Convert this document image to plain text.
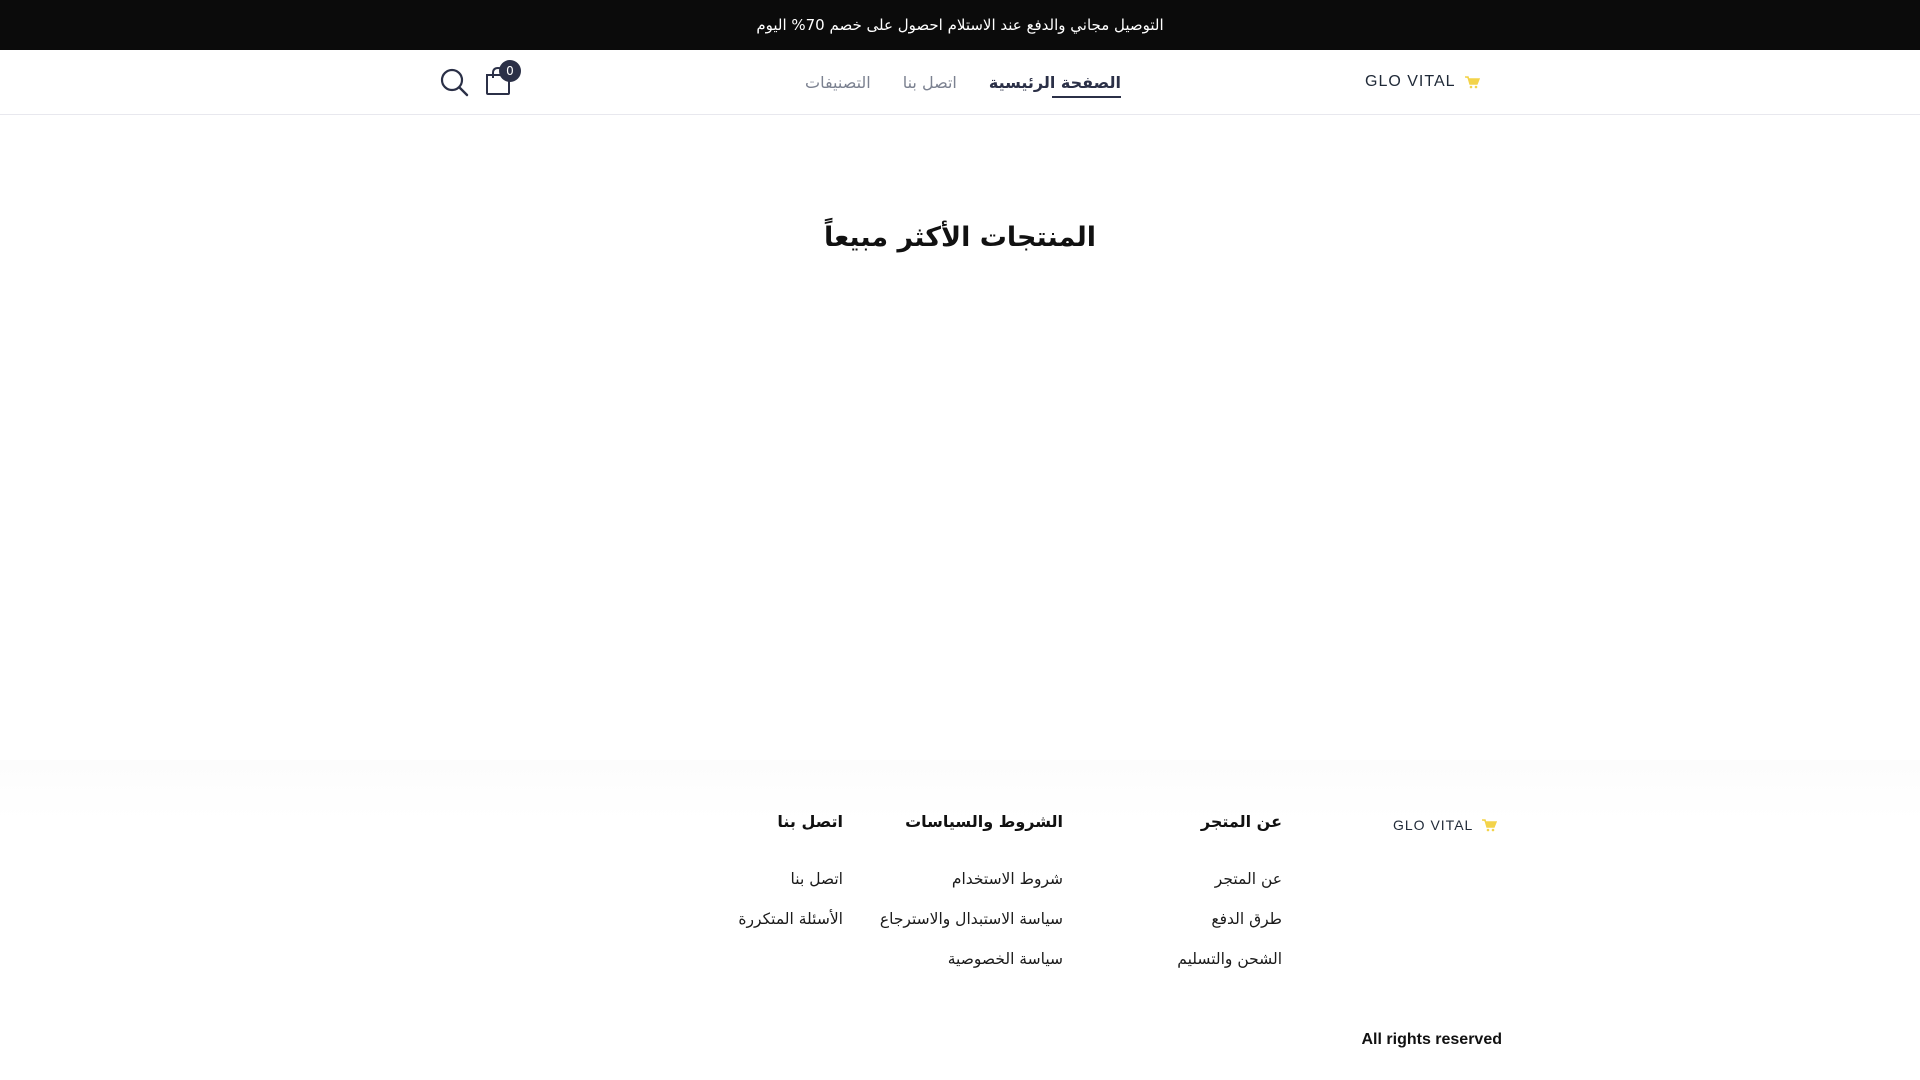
التوصيل مجاني والدفع عند الاستلام احصول على خصم 70% اليوم
GLO VITAL
الصفحة الرئيسية
اتصل بنا
التصنيفات
0
المنتجات الأكثر مبيعاً
GLO VITAL
عن المتجر
عن المتجر
طرق الدفع
الشحن والتسليم
الشروط والسياسات
شروط الاستخدام
سياسة الاستبدال والاسترجاع
سياسة الخصوصية
اتصل بنا
اتصل بنا
الأسئلة المتكررة
All rights reserved
